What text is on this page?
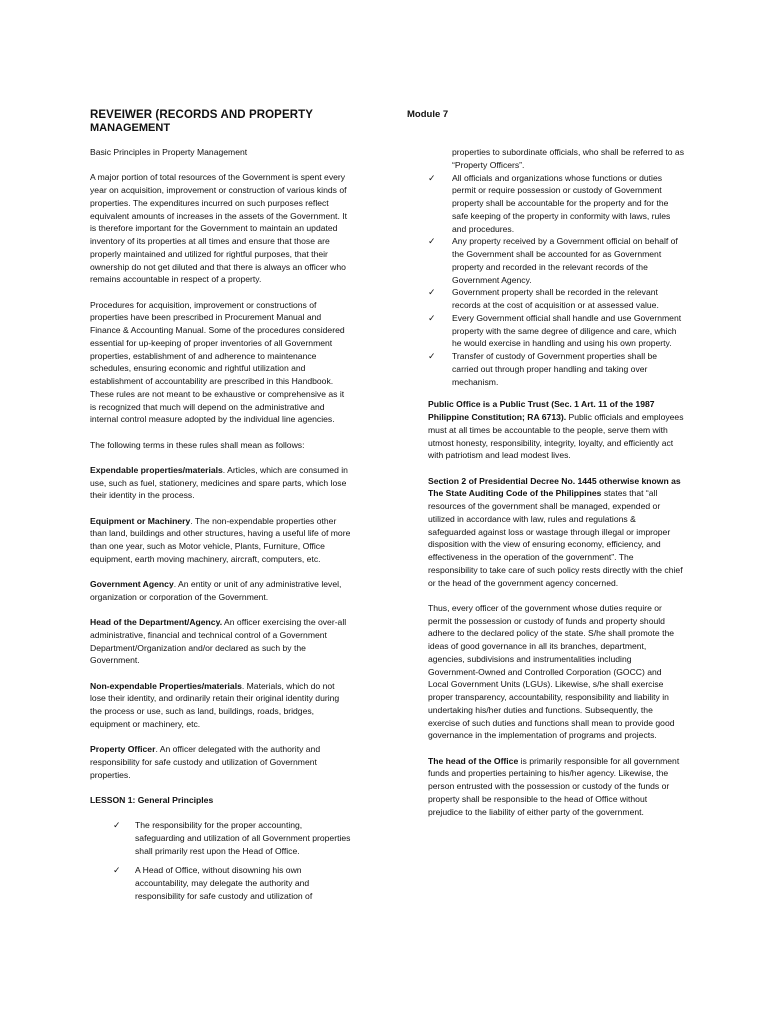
REVEIWER (RECORDS AND PROPERTY
MANAGEMENT
Module 7

Basic Principles in Property Management

A major portion of total resources of the Government is spent every year on acquisition, improvement or construction of various kinds of properties. The expenditures incurred on such purposes reflect equivalent amounts of increases in the assets of the Government. It is therefore important for the Government to maintain an updated inventory of its properties at all times and ensure that those are properly maintained and utilized for rightful purposes, that their ownership do not get diluted and that there is always an officer who remains accountable in respect of a property.

Procedures for acquisition, improvement or constructions of properties have been prescribed in Procurement Manual and Finance & Accounting Manual. Some of the procedures considered essential for up-keeping of proper inventories of all Government properties, establishment of and adherence to maintenance schedules, ensuring economic and rightful utilization and establishment of accountability are prescribed in this Handbook. These rules are not meant to be exhaustive or comprehensive as it is recognized that much will depend on the administrative and internal control measure adopted by the individual line agencies.

The following terms in these rules shall mean as follows:

Expendable properties/materials. Articles, which are consumed in use, such as fuel, stationery, medicines and spare parts, which lose their identity in the process.

Equipment or Machinery. The non-expendable properties other than land, buildings and other structures, having a useful life of more than one year, such as Motor vehicle, Plants, Furniture, Office equipment, earth moving machinery, aircraft, computers, etc.

Government Agency. An entity or unit of any administrative level, organization or corporation of the Government.

Head of the Department/Agency. An officer exercising the over-all administrative, financial and technical control of a Government Department/Organization and/or declared as such by the Government.

Non-expendable Properties/materials. Materials, which do not lose their identity, and ordinarily retain their original identity during the process or use, such as land, buildings, roads, bridges, equipment or machinery, etc.

Property Officer. An officer delegated with the authority and responsibility for safe custody and utilization of Government properties.

LESSON 1: General Principles

✓ The responsibility for the proper accounting, safeguarding and utilization of all Government properties shall primarily rest upon the Head of Office.
✓ A Head of Office, without disowning his own accountability, may delegate the authority and responsibility for safe custody and utilization of

properties to subordinate officials, who shall be referred to as “Property Officers”.

✓ All officials and organizations whose functions or duties permit or require possession or custody of Government property shall be accountable for the property and for the safe keeping of the property in conformity with laws, rules and procedures.
✓ Any property received by a Government official on behalf of the Government shall be accounted for as Government property and recorded in the relevant records of the Government Agency.
✓ Government property shall be recorded in the relevant records at the cost of acquisition or at assessed value.
✓ Every Government official shall handle and use Government property with the same degree of diligence and care, which he would exercise in handling and using his own property.
✓ Transfer of custody of Government properties shall be carried out through proper handling and taking over mechanism.

Public Office is a Public Trust (Sec. 1 Art. 11 of the 1987 Philippine Constitution; RA 6713). Public officials and employees must at all times be accountable to the people, serve them with utmost honesty, responsibility, integrity, loyalty, and efficiently act with patriotism and lead modest lives.

Section 2 of Presidential Decree No. 1445 otherwise known as The State Auditing Code of the Philippines states that “all resources of the government shall be managed, expended or utilized in accordance with law, rules and regulations & safeguarded against loss or wastage through illegal or improper disposition with the view of ensuring economy, efficiency, and effectiveness in the operation of the government”. The responsibility to take care of such policy rests directly with the chief or the head of the government agency concerned.

Thus, every officer of the government whose duties require or permit the possession or custody of funds and property should adhere to the declared policy of the state. S/he shall promote the ideas of good governance in all its branches, department, agencies, subdivisions and instrumentalities including Government-Owned and Controlled Corporation (GOCC) and Local Government Units (LGUs). Likewise, s/he shall exercise proper transparency, accountability, responsibility and liability in undertaking his/her duties and functions. Subsequently, the exercise of such duties and functions shall mean to provide good governance in the implementation of programs and projects.

The head of the Office is primarily responsible for all government funds and properties pertaining to his/her agency. Likewise, the person entrusted with the possession or custody of the funds or property shall be responsible to the head of Office without prejudice to the liability of either party of the government.
